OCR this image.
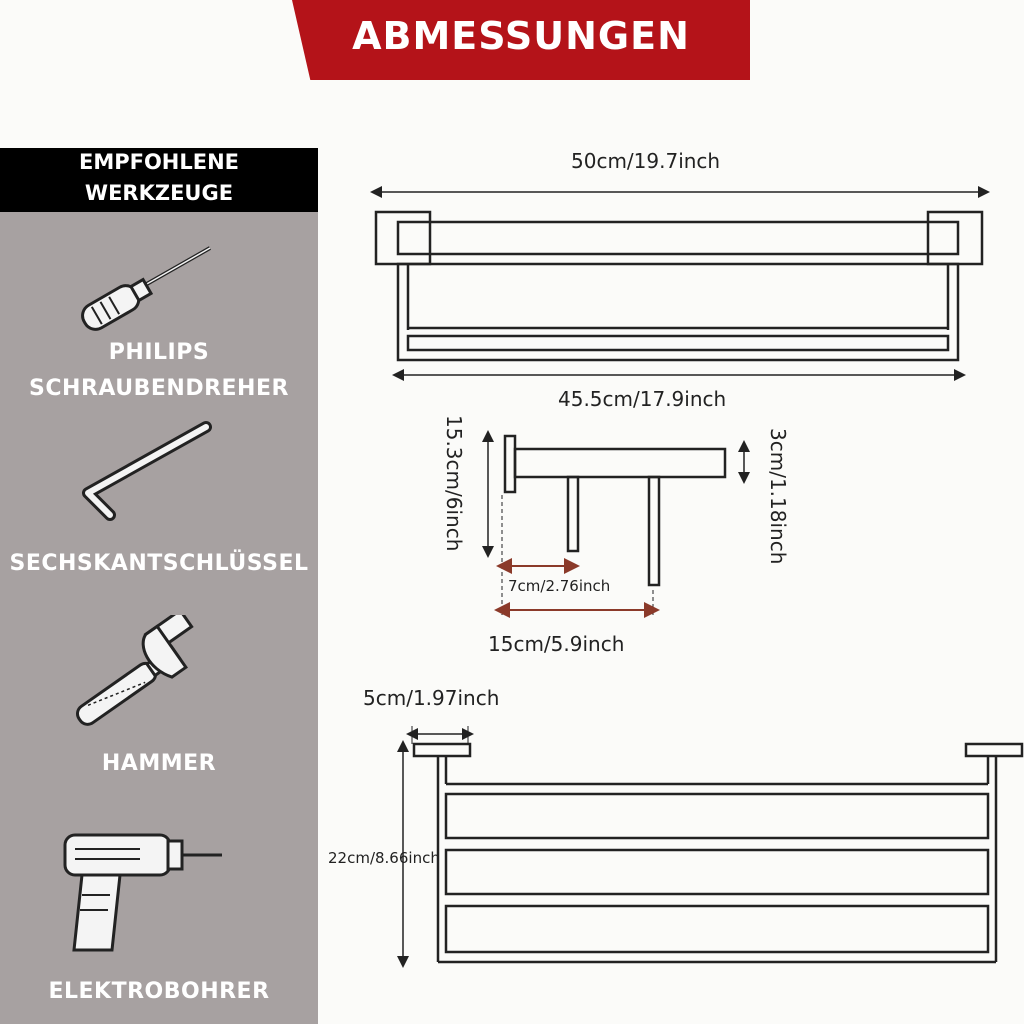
ABMESSUNGEN
EMPFOHLENE
WERKZEUGE
PHILIPS
SCHRAUBENDREHER
SECHSKANTSCHLÜSSEL
HAMMER
ELEKTROBOHRER
50cm/19.7inch
45.5cm/17.9inch
15.3cm/6inch	3cm/1.18inch
7cm/2.76inch
15cm/5.9inch
5cm/1.97inch
22cm/8.66inch
